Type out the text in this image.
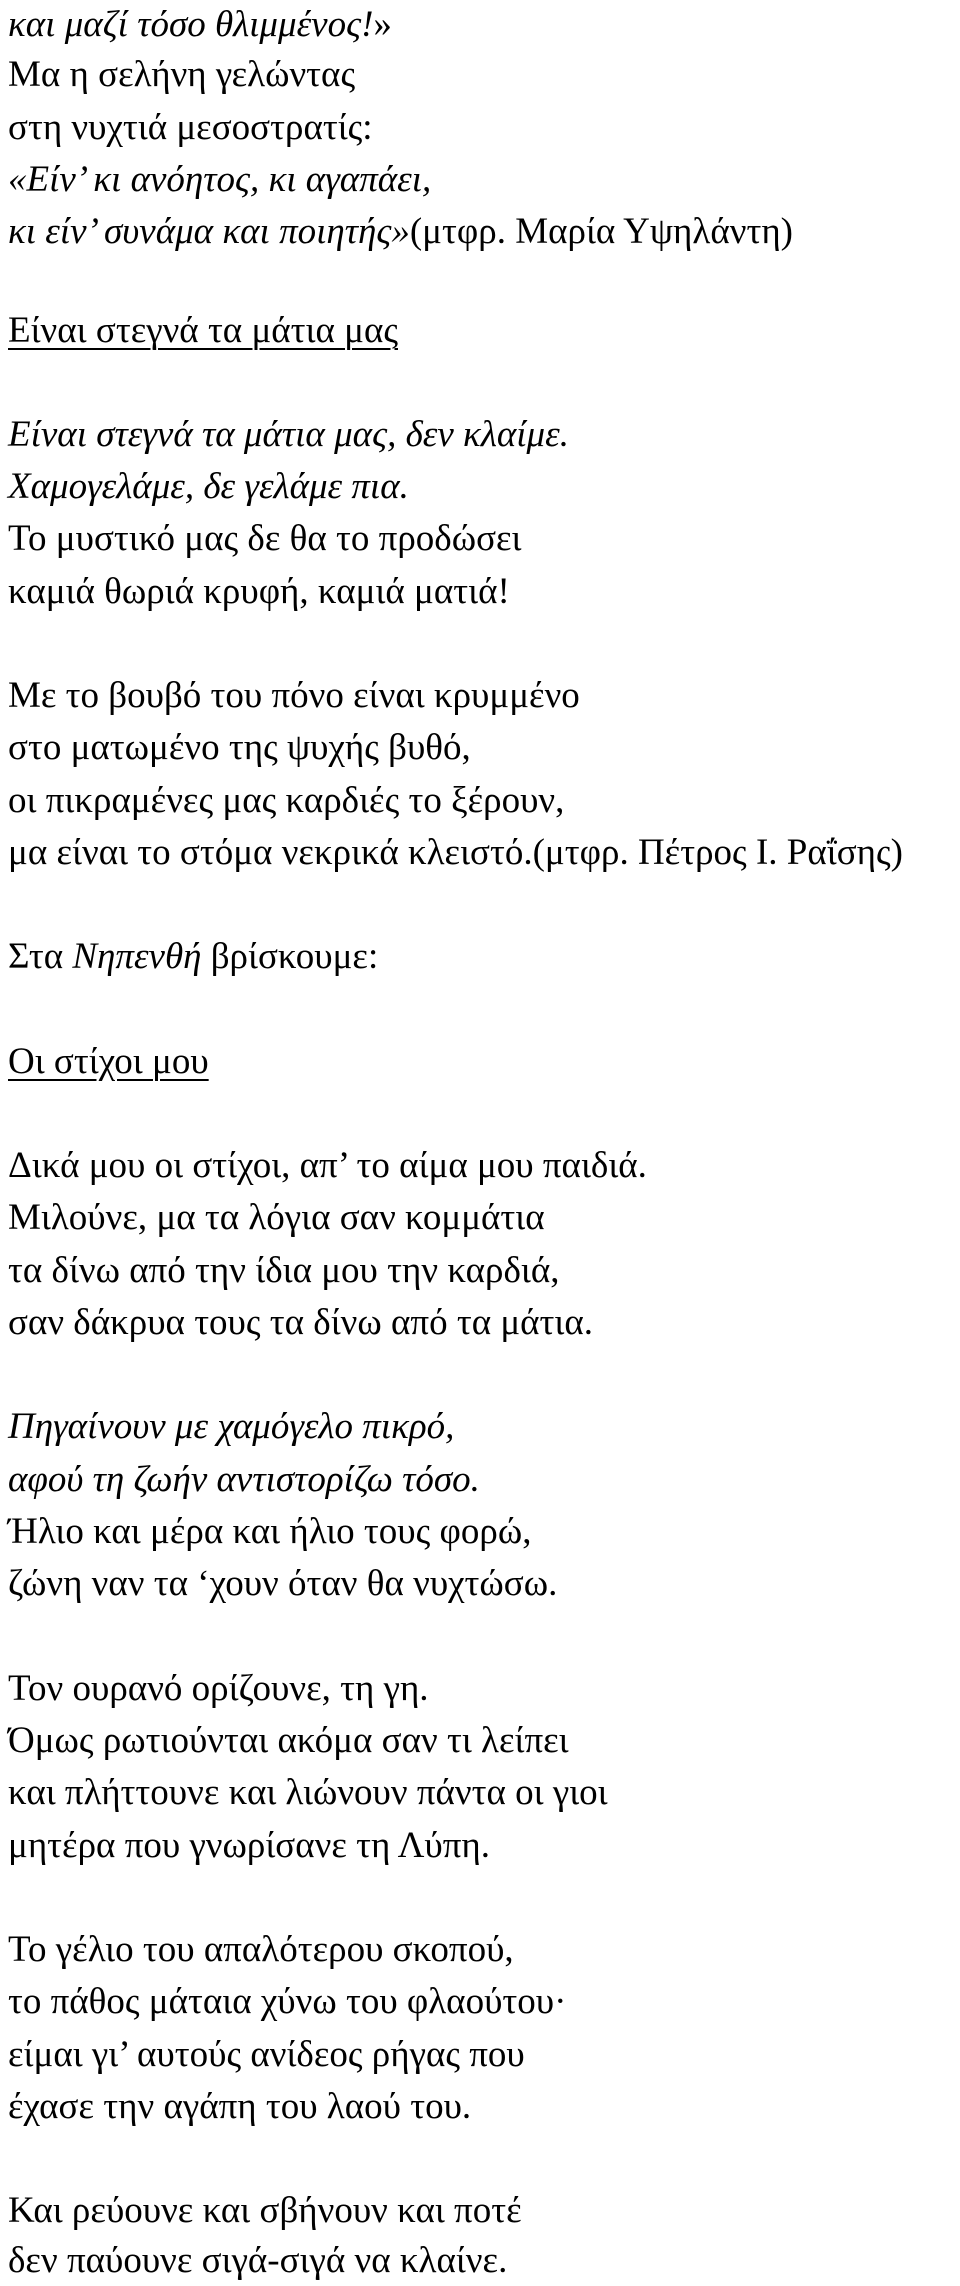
και μαζί τόσο θλιμμένος!»

Μα η σελήνη γελώντας

στη νυχτιά μεσοστρατίς:

«Είν’ κι ανόητος, κι αγαπάει,

κι είν’ συνάμα και ποιητής»(μτφρ. Μαρία Υψηλάντη)

Είναι στεγνά τα μάτια μας

Είναι στεγνά τα μάτια μας, δεν κλαίμε.

Χαμογελάμε, δε γελάμε πια.

Το μυστικό μας δε θα το προδώσει

καμιά θωριά κρυφή, καμιά ματιά!

Με το βουβό του πόνο είναι κρυμμένο

στο ματωμένο της ψυχής βυθό,

οι πικραμένες μας καρδιές το ξέρουν,

μα είναι το στόμα νεκρικά κλειστό.(μτφρ. Πέτρος Ι. Ραΐσης)

Στα Νηπενθή βρίσκουμε:

Οι στίχοι μου

Δικά μου οι στίχοι, απ’ το αίμα μου παιδιά.

Μιλούνε, μα τα λόγια σαν κομμάτια

τα δίνω από την ίδια μου την καρδιά,

σαν δάκρυα τους τα δίνω από τα μάτια.

Πηγαίνουν με χαμόγελο πικρό,

αφού τη ζωήν αντιστορίζω τόσο.

Ήλιο και μέρα και ήλιο τους φορώ,

ζώνη ναν τα ‘χουν όταν θα νυχτώσω.

Τον ουρανό ορίζουνε, τη γη.

Όμως ρωτιούνται ακόμα σαν τι λείπει

και πλήττουνε και λιώνουν πάντα οι γιοι

μητέρα που γνωρίσανε τη Λύπη.

Το γέλιο του απαλότερου σκοπού,

το πάθος μάταια χύνω του φλαούτου·

είμαι γι’ αυτούς ανίδεος ρήγας που

έχασε την αγάπη του λαού του.

Και ρεύουνε και σβήνουν και ποτέ

δεν παύουνε σιγά-σιγά να κλαίνε.
